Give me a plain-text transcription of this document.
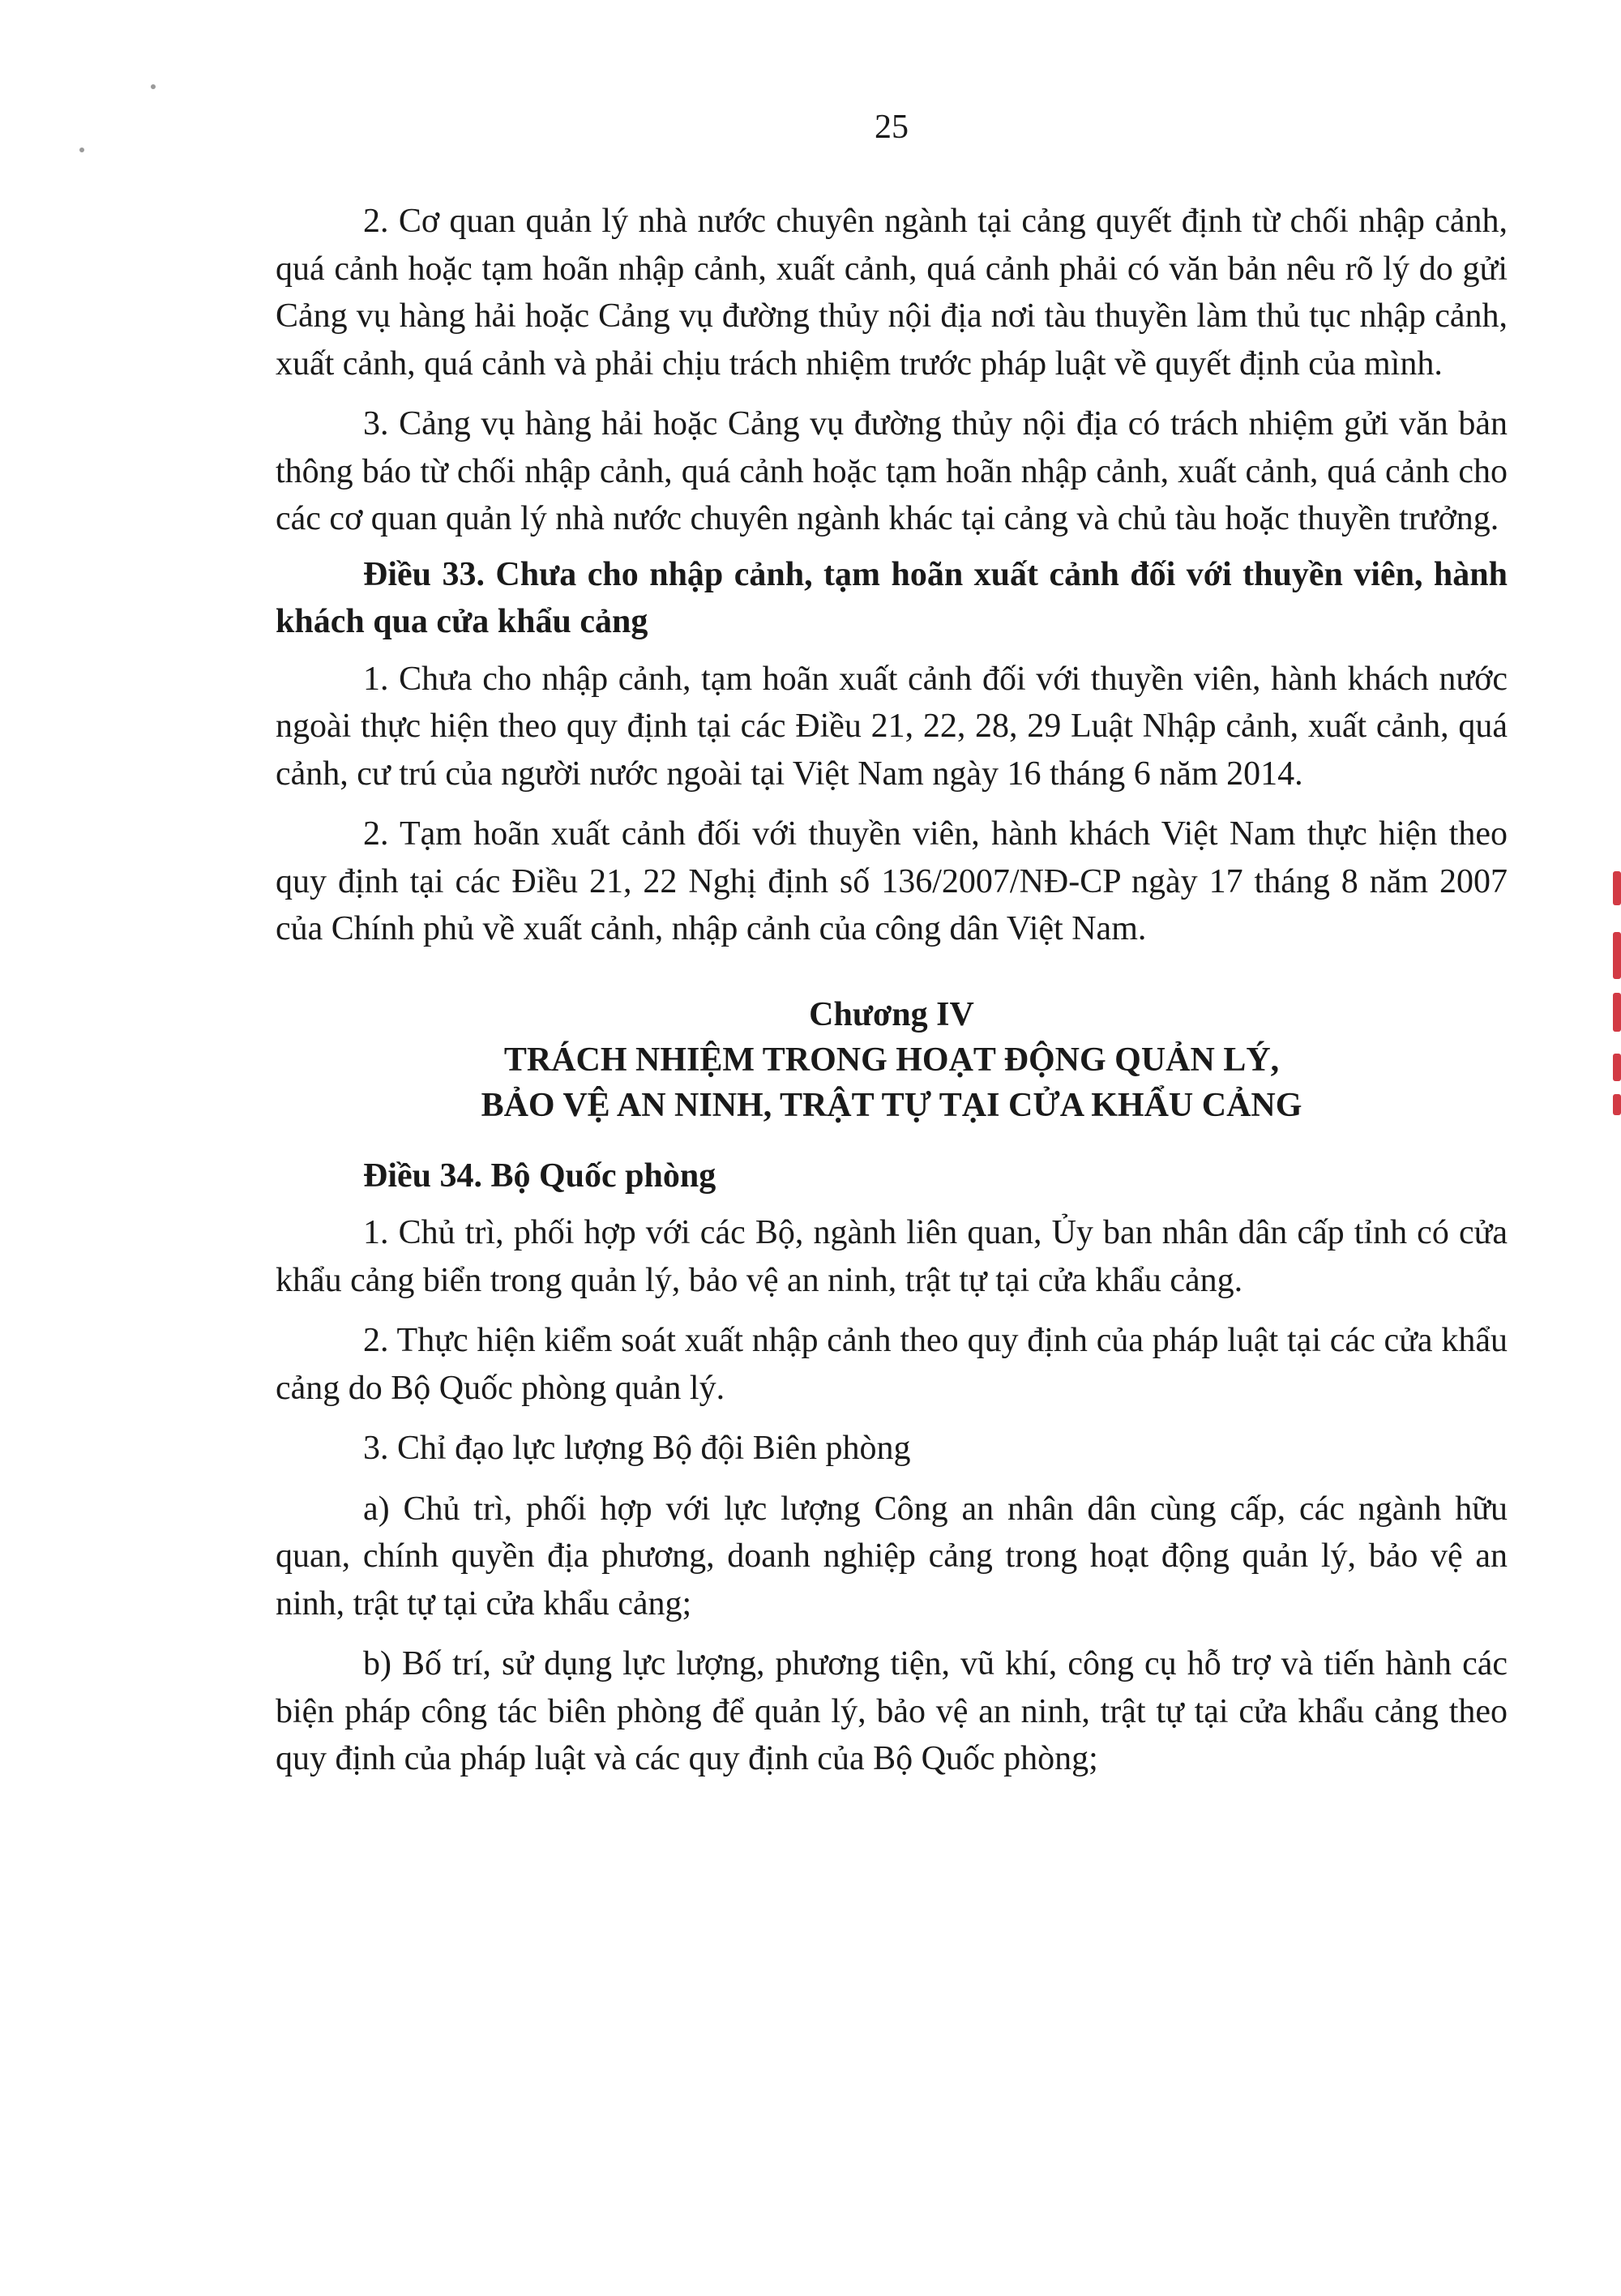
25

2. Cơ quan quản lý nhà nước chuyên ngành tại cảng quyết định từ chối nhập cảnh, quá cảnh hoặc tạm hoãn nhập cảnh, xuất cảnh, quá cảnh phải có văn bản nêu rõ lý do gửi Cảng vụ hàng hải hoặc Cảng vụ đường thủy nội địa nơi tàu thuyền làm thủ tục nhập cảnh, xuất cảnh, quá cảnh và phải chịu trách nhiệm trước pháp luật về quyết định của mình.

3. Cảng vụ hàng hải hoặc Cảng vụ đường thủy nội địa có trách nhiệm gửi văn bản thông báo từ chối nhập cảnh, quá cảnh hoặc tạm hoãn nhập cảnh, xuất cảnh, quá cảnh cho các cơ quan quản lý nhà nước chuyên ngành khác tại cảng và chủ tàu hoặc thuyền trưởng.

Điều 33. Chưa cho nhập cảnh, tạm hoãn xuất cảnh đối với thuyền viên, hành khách qua cửa khẩu cảng

1. Chưa cho nhập cảnh, tạm hoãn xuất cảnh đối với thuyền viên, hành khách nước ngoài thực hiện theo quy định tại các Điều 21, 22, 28, 29 Luật Nhập cảnh, xuất cảnh, quá cảnh, cư trú của người nước ngoài tại Việt Nam ngày 16 tháng 6 năm 2014.

2. Tạm hoãn xuất cảnh đối với thuyền viên, hành khách Việt Nam thực hiện theo quy định tại các Điều 21, 22 Nghị định số 136/2007/NĐ-CP ngày 17 tháng 8 năm 2007 của Chính phủ về xuất cảnh, nhập cảnh của công dân Việt Nam.

Chương IV
TRÁCH NHIỆM TRONG HOẠT ĐỘNG QUẢN LÝ,
BẢO VỆ AN NINH, TRẬT TỰ TẠI CỬA KHẨU CẢNG

Điều 34. Bộ Quốc phòng

1. Chủ trì, phối hợp với các Bộ, ngành liên quan, Ủy ban nhân dân cấp tỉnh có cửa khẩu cảng biển trong quản lý, bảo vệ an ninh, trật tự tại cửa khẩu cảng.

2. Thực hiện kiểm soát xuất nhập cảnh theo quy định của pháp luật tại các cửa khẩu cảng do Bộ Quốc phòng quản lý.

3. Chỉ đạo lực lượng Bộ đội Biên phòng

a) Chủ trì, phối hợp với lực lượng Công an nhân dân cùng cấp, các ngành hữu quan, chính quyền địa phương, doanh nghiệp cảng trong hoạt động quản lý, bảo vệ an ninh, trật tự tại cửa khẩu cảng;

b) Bố trí, sử dụng lực lượng, phương tiện, vũ khí, công cụ hỗ trợ và tiến hành các biện pháp công tác biên phòng để quản lý, bảo vệ an ninh, trật tự tại cửa khẩu cảng theo quy định của pháp luật và các quy định của Bộ Quốc phòng;
